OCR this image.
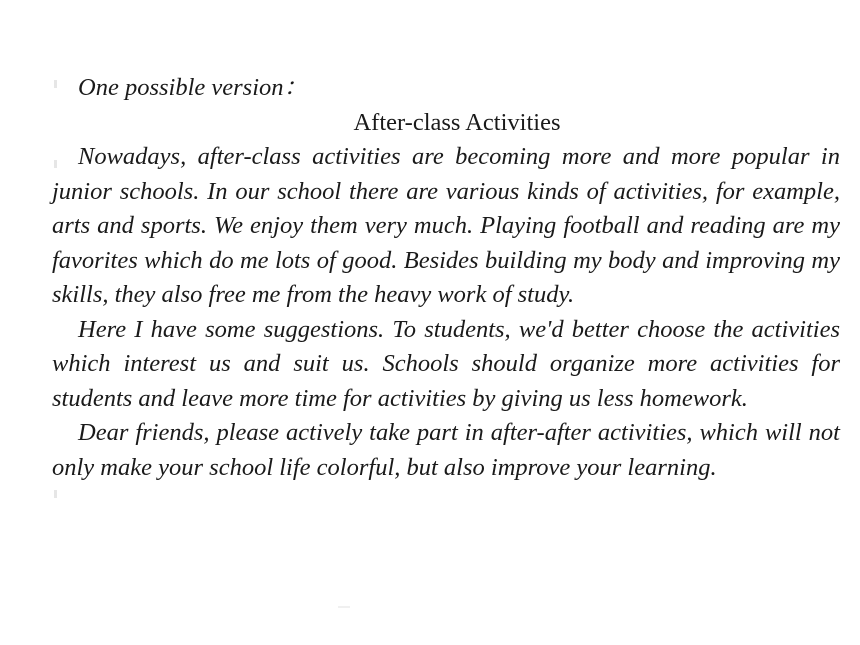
One possible version：

After-class Activities

Nowadays, after-class activities are becoming more and more popular in junior schools. In our school there are various kinds of activities, for example, arts and sports. We enjoy them very much. Playing football and reading are my favorites which do me lots of good. Besides building my body and improving my skills, they also free me from the heavy work of study.

Here I have some suggestions. To students, we'd better choose the activities which interest us and suit us. Schools should organize more activities for students and leave more time for activities by giving us less homework.

Dear friends, please actively take part in after-after activities, which will not only make your school life colorful, but also improve your learning.
